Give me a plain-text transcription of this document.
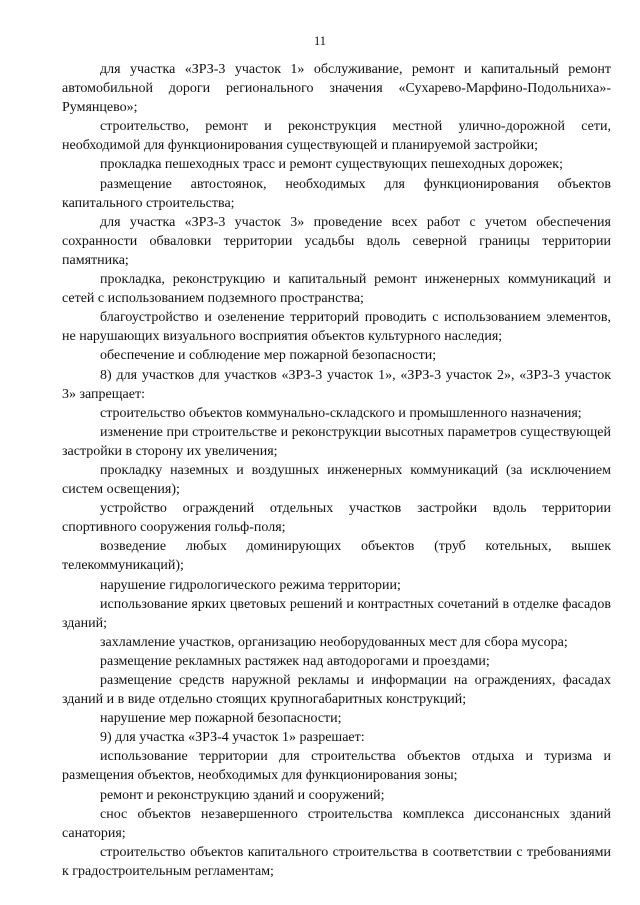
11

для участка «ЗРЗ-3 участок 1» обслуживание, ремонт и капитальный ремонт автомобильной дороги регионального значения «Сухарево-Марфино-Подольниха»-Румянцево»;

строительство, ремонт и реконструкция местной улично-дорожной сети, необходимой для функционирования существующей и планируемой застройки;

прокладка пешеходных трасс и ремонт существующих пешеходных дорожек;

размещение автостоянок, необходимых для функционирования объектов капитального строительства;

для участка «ЗРЗ-3 участок 3» проведение всех работ с учетом обеспечения сохранности обваловки территории усадьбы вдоль северной границы территории памятника;

прокладка, реконструкцию и капитальный ремонт инженерных коммуникаций и сетей с использованием подземного пространства;

благоустройство и озеленение территорий проводить с использованием элементов, не нарушающих визуального восприятия объектов культурного наследия;

обеспечение и соблюдение мер пожарной безопасности;

8) для участков для участков «ЗРЗ-3 участок 1», «ЗРЗ-3 участок 2», «ЗРЗ-3 участок 3» запрещает:

строительство объектов коммунально-складского и промышленного назначения;

изменение при строительстве и реконструкции высотных параметров существующей застройки в сторону их увеличения;

прокладку наземных и воздушных инженерных коммуникаций (за исключением систем освещения);

устройство ограждений отдельных участков застройки вдоль территории спортивного сооружения гольф-поля;

возведение любых доминирующих объектов (труб котельных, вышек телекоммуникаций);

нарушение гидрологического режима территории;

использование ярких цветовых решений и контрастных сочетаний в отделке фасадов зданий;

захламление участков, организацию необорудованных мест для сбора мусора;

размещение рекламных растяжек над автодорогами и проездами;

размещение средств наружной рекламы и информации на ограждениях, фасадах зданий и в виде отдельно стоящих крупногабаритных конструкций;

нарушение мер пожарной безопасности;

9) для участка «ЗРЗ-4 участок 1» разрешает:

использование территории для строительства объектов отдыха и туризма и размещения объектов, необходимых для функционирования зоны;

ремонт и реконструкцию зданий и сооружений;

снос объектов незавершенного строительства комплекса диссонансных зданий санатория;

строительство объектов капитального строительства в соответствии с требованиями к градостроительным регламентам;
